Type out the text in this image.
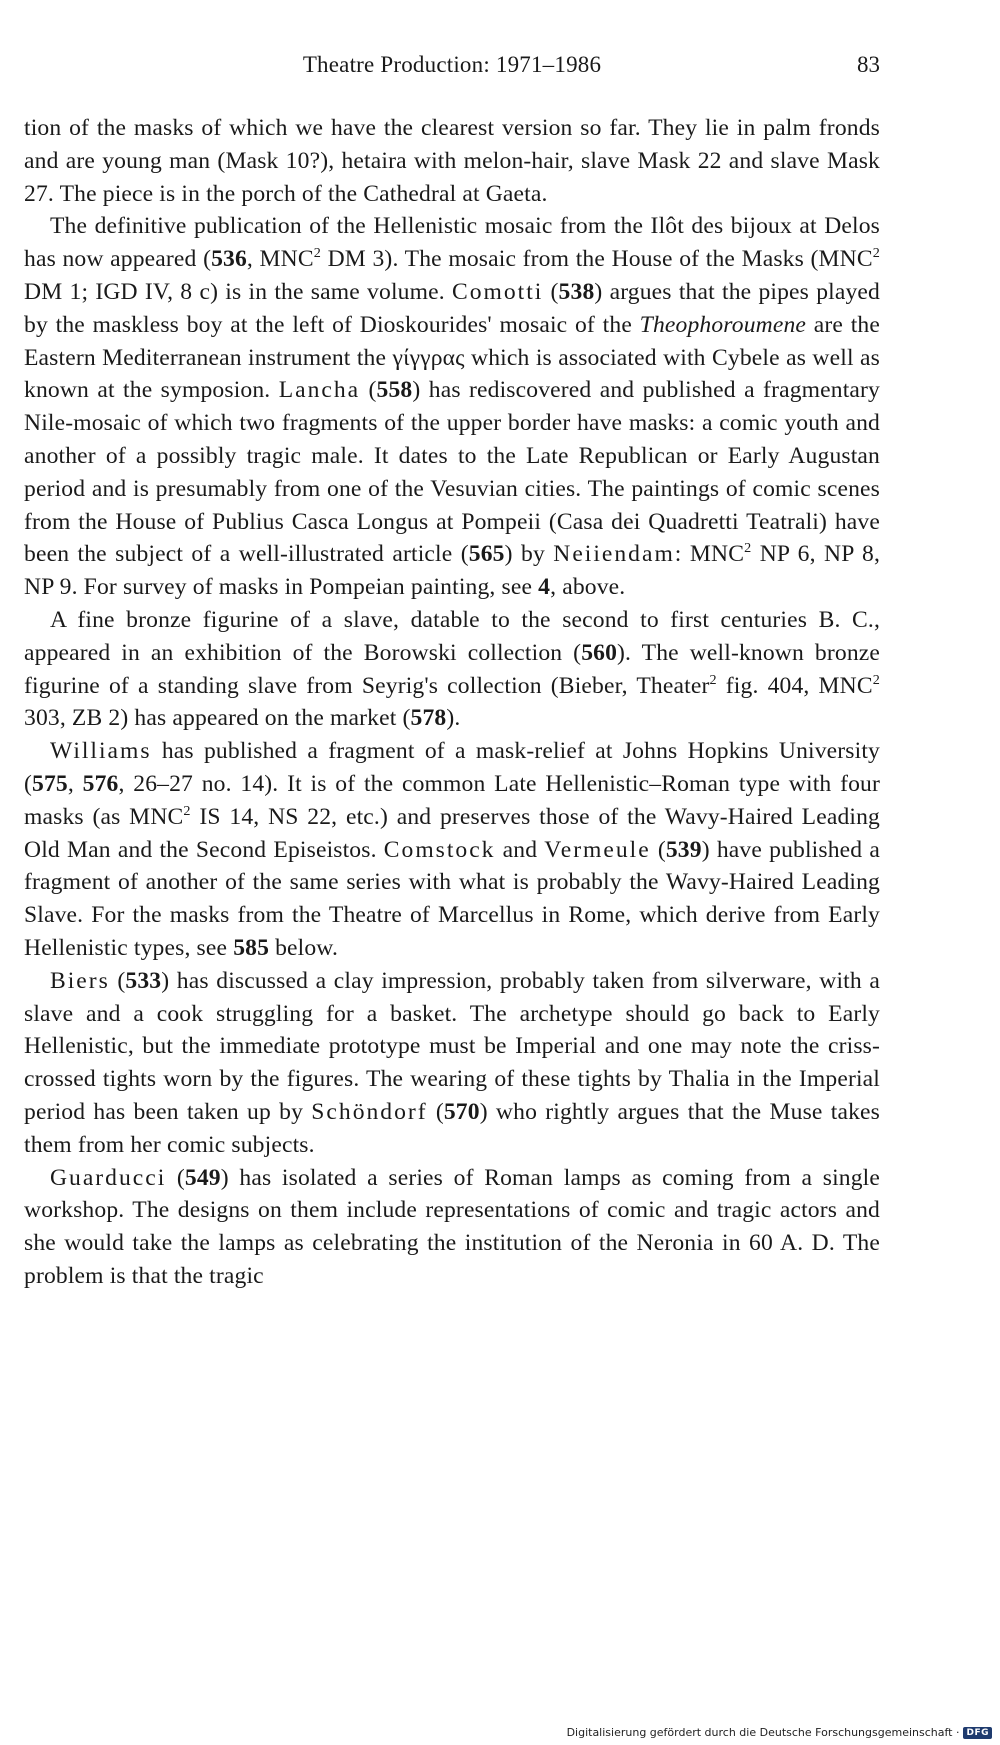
Theatre Production: 1971–1986	83

tion of the masks of which we have the clearest version so far. They lie in palm fronds and are young man (Mask 10?), hetaira with melon-hair, slave Mask 22 and slave Mask 27. The piece is in the porch of the Cathedral at Gaeta.

The definitive publication of the Hellenistic mosaic from the Ilôt des bijoux at Delos has now appeared (536, MNC$^2$ DM 3). The mosaic from the House of the Masks (MNC$^2$ DM 1; IGD IV, 8 c) is in the same volume. Comotti (538) argues that the pipes played by the maskless boy at the left of Dioskourides' mosaic of the Theophoroumene are the Eastern Mediterranean instrument the γίγγρας which is associated with Cybele as well as known at the symposion. Lancha (558) has rediscovered and published a fragmentary Nile-mosaic of which two fragments of the upper border have masks: a comic youth and another of a possibly tragic male. It dates to the Late Republican or Early Augustan period and is presumably from one of the Vesuvian cities. The paintings of comic scenes from the House of Publius Casca Longus at Pompeii (Casa dei Quadretti Teatrali) have been the subject of a well-illustrated article (565) by Neiiendam: MNC$^2$ NP 6, NP 8, NP 9. For survey of masks in Pompeian painting, see 4, above.

A fine bronze figurine of a slave, datable to the second to first centuries B. C., appeared in an exhibition of the Borowski collection (560). The well-known bronze figurine of a standing slave from Seyrig's collection (Bieber, Theater$^2$ fig. 404, MNC$^2$ 303, ZB 2) has appeared on the market (578).

Williams has published a fragment of a mask-relief at Johns Hopkins University (575, 576, 26–27 no. 14). It is of the common Late Hellenistic–Roman type with four masks (as MNC$^2$ IS 14, NS 22, etc.) and preserves those of the Wavy-Haired Leading Old Man and the Second Episeistos. Comstock and Vermeule (539) have published a fragment of another of the same series with what is probably the Wavy-Haired Leading Slave. For the masks from the Theatre of Marcellus in Rome, which derive from Early Hellenistic types, see 585 below.

Biers (533) has discussed a clay impression, probably taken from silverware, with a slave and a cook struggling for a basket. The archetype should go back to Early Hellenistic, but the immediate prototype must be Imperial and one may note the criss-crossed tights worn by the figures. The wearing of these tights by Thalia in the Imperial period has been taken up by Schöndorf (570) who rightly argues that the Muse takes them from her comic subjects.

Guarducci (549) has isolated a series of Roman lamps as coming from a single workshop. The designs on them include representations of comic and tragic actors and she would take the lamps as celebrating the institution of the Neronia in 60 A. D. The problem is that the tragic

Digitalisierung gefördert durch die Deutsche Forschungsgemeinschaft · DFG
